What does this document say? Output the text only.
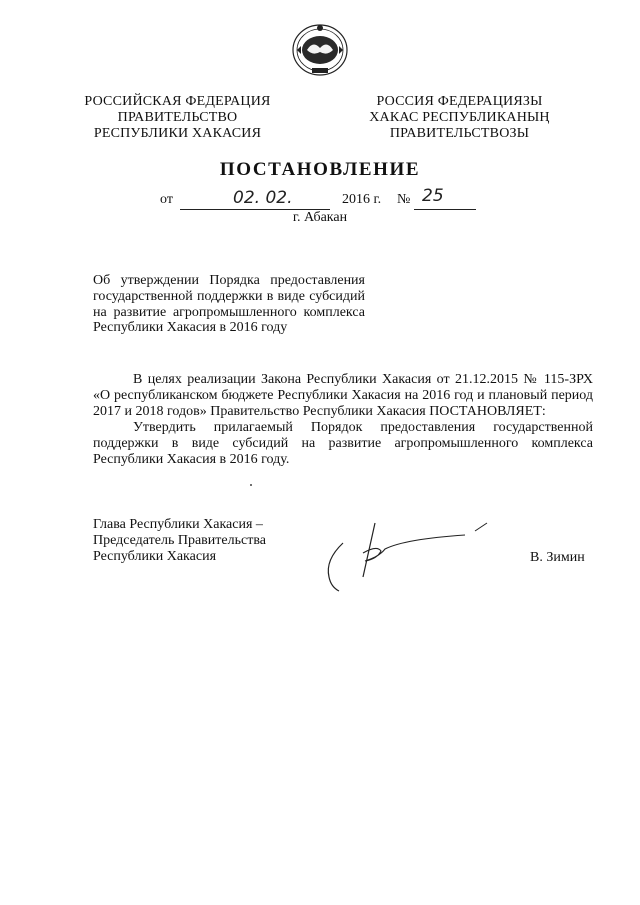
РОССИЙСКАЯ ФЕДЕРАЦИЯ
ПРАВИТЕЛЬСТВО
РЕСПУБЛИКИ ХАКАСИЯ
РОССИЯ ФЕДЕРАЦИЯЗЫ
ХАКАС РЕСПУБЛИКАНЫҢ
ПРАВИТЕЛЬСТВОЗЫ
ПОСТАНОВЛЕНИЕ
от	02. 02.	2016 г. № 25
г. Абакан
Об утверждении Порядка предоставления
государственной поддержки в виде субсидий
на развитие агропромышленного комплекса
Республики Хакасия в 2016 году
В целях реализации Закона Республики Хакасия от 21.12.2015 № 115-ЗРХ
«О республиканском бюджете Республики Хакасия на 2016 год и плановый период
2017 и 2018 годов» Правительство Республики Хакасия ПОСТАНОВЛЯЕТ:
Утвердить прилагаемый Порядок предоставления государственной
поддержки в виде субсидий на развитие агропромышленного комплекса
Республики Хакасия в 2016 году.
Глава Республики Хакасия –
Председатель Правительства
Республики Хакасия	В. Зимин
